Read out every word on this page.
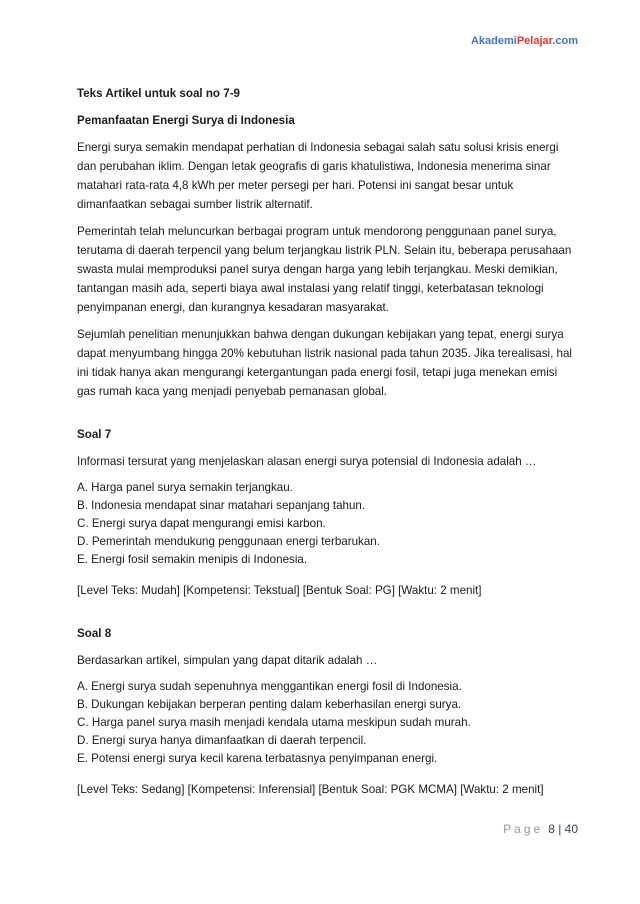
AkademiPelajar.com

Teks Artikel untuk soal no 7-9

Pemanfaatan Energi Surya di Indonesia

Energi surya semakin mendapat perhatian di Indonesia sebagai salah satu solusi krisis energi dan perubahan iklim. Dengan letak geografis di garis khatulistiwa, Indonesia menerima sinar matahari rata-rata 4,8 kWh per meter persegi per hari. Potensi ini sangat besar untuk dimanfaatkan sebagai sumber listrik alternatif.

Pemerintah telah meluncurkan berbagai program untuk mendorong penggunaan panel surya, terutama di daerah terpencil yang belum terjangkau listrik PLN. Selain itu, beberapa perusahaan swasta mulai memproduksi panel surya dengan harga yang lebih terjangkau. Meski demikian, tantangan masih ada, seperti biaya awal instalasi yang relatif tinggi, keterbatasan teknologi penyimpanan energi, dan kurangnya kesadaran masyarakat.

Sejumlah penelitian menunjukkan bahwa dengan dukungan kebijakan yang tepat, energi surya dapat menyumbang hingga 20% kebutuhan listrik nasional pada tahun 2035. Jika terealisasi, hal ini tidak hanya akan mengurangi ketergantungan pada energi fosil, tetapi juga menekan emisi gas rumah kaca yang menjadi penyebab pemanasan global.

Soal 7

Informasi tersurat yang menjelaskan alasan energi surya potensial di Indonesia adalah …

A. Harga panel surya semakin terjangkau.

B. Indonesia mendapat sinar matahari sepanjang tahun.

C. Energi surya dapat mengurangi emisi karbon.

D. Pemerintah mendukung penggunaan energi terbarukan.

E. Energi fosil semakin menipis di Indonesia.

[Level Teks: Mudah] [Kompetensi: Tekstual] [Bentuk Soal: PG] [Waktu: 2 menit]

Soal 8

Berdasarkan artikel, simpulan yang dapat ditarik adalah …

A. Energi surya sudah sepenuhnya menggantikan energi fosil di Indonesia.

B. Dukungan kebijakan berperan penting dalam keberhasilan energi surya.

C. Harga panel surya masih menjadi kendala utama meskipun sudah murah.

D. Energi surya hanya dimanfaatkan di daerah terpencil.

E. Potensi energi surya kecil karena terbatasnya penyimpanan energi.

[Level Teks: Sedang] [Kompetensi: Inferensial] [Bentuk Soal: PGK MCMA] [Waktu: 2 menit]

Page 8 | 40
